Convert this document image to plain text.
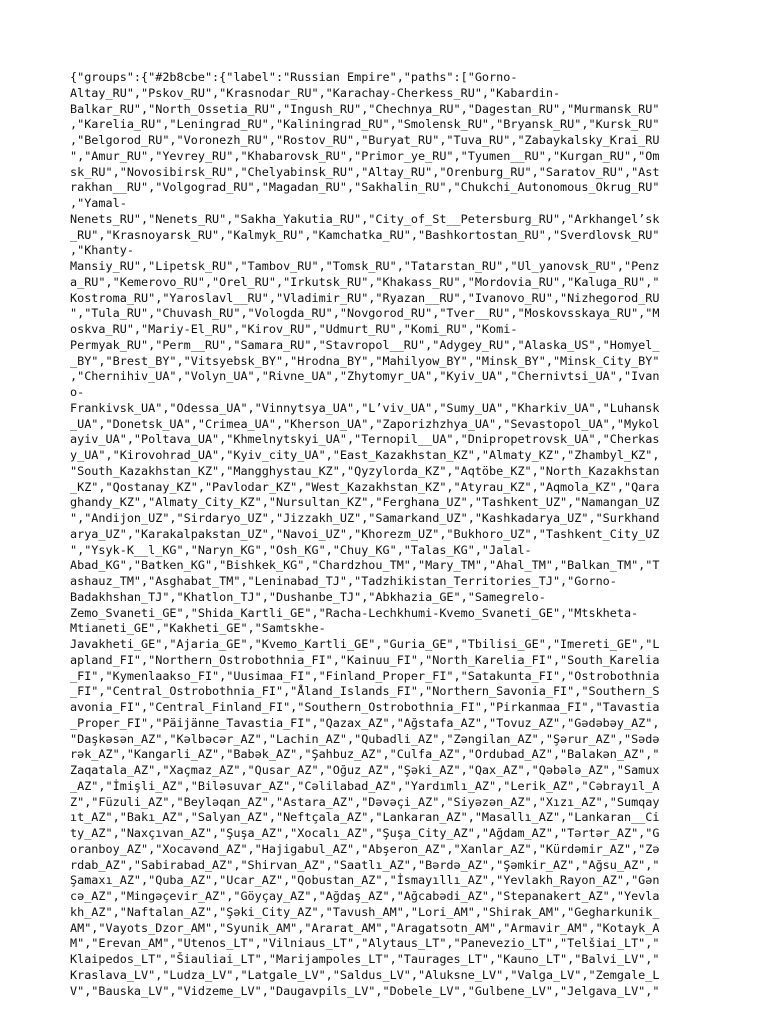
{"groups":{"#2b8cbe":{"label":"Russian Empire","paths":["Gorno-
Altay_RU","Pskov_RU","Krasnodar_RU","Karachay-Cherkess_RU","Kabardin-
Balkar_RU","North_Ossetia_RU","Ingush_RU","Chechnya_RU","Dagestan_RU","Murmansk_RU"
,"Karelia_RU","Leningrad_RU","Kaliningrad_RU","Smolensk_RU","Bryansk_RU","Kursk_RU"
,"Belgorod_RU","Voronezh_RU","Rostov_RU","Buryat_RU","Tuva_RU","Zabaykalsky_Krai_RU
","Amur_RU","Yevrey_RU","Khabarovsk_RU","Primor_ye_RU","Tyumen__RU","Kurgan_RU","Om
sk_RU","Novosibirsk_RU","Chelyabinsk_RU","Altay_RU","Orenburg_RU","Saratov_RU","Ast
rakhan__RU","Volgograd_RU","Magadan_RU","Sakhalin_RU","Chukchi_Autonomous_Okrug_RU"
,"Yamal-
Nenets_RU","Nenets_RU","Sakha_Yakutia_RU","City_of_St__Petersburg_RU","Arkhangel’sk
_RU","Krasnoyarsk_RU","Kalmyk_RU","Kamchatka_RU","Bashkortostan_RU","Sverdlovsk_RU"
,"Khanty-
Mansiy_RU","Lipetsk_RU","Tambov_RU","Tomsk_RU","Tatarstan_RU","Ul_yanovsk_RU","Penz
a_RU","Kemerovo_RU","Orel_RU","Irkutsk_RU","Khakass_RU","Mordovia_RU","Kaluga_RU","
Kostroma_RU","Yaroslavl__RU","Vladimir_RU","Ryazan__RU","Ivanovo_RU","Nizhegorod_RU
","Tula_RU","Chuvash_RU","Vologda_RU","Novgorod_RU","Tver__RU","Moskovsskaya_RU","M
oskva_RU","Mariy-El_RU","Kirov_RU","Udmurt_RU","Komi_RU","Komi-
Permyak_RU","Perm__RU","Samara_RU","Stavropol__RU","Adygey_RU","Alaska_US","Homyel_
_BY","Brest_BY","Vitsyebsk_BY","Hrodna_BY","Mahilyow_BY","Minsk_BY","Minsk_City_BY"
,"Chernihiv_UA","Volyn_UA","Rivne_UA","Zhytomyr_UA","Kyiv_UA","Chernivtsi_UA","Ivan
o-
Frankivsk_UA","Odessa_UA","Vinnytsya_UA","L’viv_UA","Sumy_UA","Kharkiv_UA","Luhansk
_UA","Donetsk_UA","Crimea_UA","Kherson_UA","Zaporizhzhya_UA","Sevastopol_UA","Mykol
ayiv_UA","Poltava_UA","Khmelnytskyi_UA","Ternopil__UA","Dnipropetrovsk_UA","Cherkas
y_UA","Kirovohrad_UA","Kyiv_city_UA","East_Kazakhstan_KZ","Almaty_KZ","Zhambyl_KZ",
"South_Kazakhstan_KZ","Mangghystau_KZ","Qyzylorda_KZ","Aqtöbe_KZ","North_Kazakhstan
_KZ","Qostanay_KZ","Pavlodar_KZ","West_Kazakhstan_KZ","Atyrau_KZ","Aqmola_KZ","Qara
ghandy_KZ","Almaty_City_KZ","Nursultan_KZ","Ferghana_UZ","Tashkent_UZ","Namangan_UZ
","Andijon_UZ","Sirdaryo_UZ","Jizzakh_UZ","Samarkand_UZ","Kashkadarya_UZ","Surkhand
arya_UZ","Karakalpakstan_UZ","Navoi_UZ","Khorezm_UZ","Bukhoro_UZ","Tashkent_City_UZ
","Ysyk-K__l_KG","Naryn_KG","Osh_KG","Chuy_KG","Talas_KG","Jalal-
Abad_KG","Batken_KG","Bishkek_KG","Chardzhou_TM","Mary_TM","Ahal_TM","Balkan_TM","T
ashauz_TM","Asghabat_TM","Leninabad_TJ","Tadzhikistan_Territories_TJ","Gorno-
Badakhshan_TJ","Khatlon_TJ","Dushanbe_TJ","Abkhazia_GE","Samegrelo-
Zemo_Svaneti_GE","Shida_Kartli_GE","Racha-Lechkhumi-Kvemo_Svaneti_GE","Mtskheta-
Mtianeti_GE","Kakheti_GE","Samtskhe-
Javakheti_GE","Ajaria_GE","Kvemo_Kartli_GE","Guria_GE","Tbilisi_GE","Imereti_GE","L
apland_FI","Northern_Ostrobothnia_FI","Kainuu_FI","North_Karelia_FI","South_Karelia
_FI","Kymenlaakso_FI","Uusimaa_FI","Finland_Proper_FI","Satakunta_FI","Ostrobothnia
_FI","Central_Ostrobothnia_FI","Åland_Islands_FI","Northern_Savonia_FI","Southern_S
avonia_FI","Central_Finland_FI","Southern_Ostrobothnia_FI","Pirkanmaa_FI","Tavastia
_Proper_FI","Päijänne_Tavastia_FI","Qazax_AZ","Ağstafa_AZ","Tovuz_AZ","Gədəbəy_AZ",
"Daşkəsən_AZ","Kəlbəcər_AZ","Lachin_AZ","Qubadli_AZ","Zəngilan_AZ","Şərur_AZ","Sədə
rək_AZ","Kangarli_AZ","Babək_AZ","Şahbuz_AZ","Culfa_AZ","Ordubad_AZ","Balakən_AZ","
Zaqatala_AZ","Xaçmaz_AZ","Qusar_AZ","Oğuz_AZ","Şəki_AZ","Qax_AZ","Qəbələ_AZ","Samux
_AZ","İmişli_AZ","Biləsuvar_AZ","Cəlilabad_AZ","Yardımlı_AZ","Lerik_AZ","Cəbrayıl_A
Z","Füzuli_AZ","Beyləqan_AZ","Astara_AZ","Dəvəçi_AZ","Siyəzən_AZ","Xızı_AZ","Sumqay
ıt_AZ","Bakı_AZ","Salyan_AZ","Neftçala_AZ","Lankaran_AZ","Masallı_AZ","Lankaran__Ci
ty_AZ","Naxçıvan_AZ","Şuşa_AZ","Xocalı_AZ","Şuşa_City_AZ","Ağdam_AZ","Tərtər_AZ","G
oranboy_AZ","Xocavənd_AZ","Hajigabul_AZ","Abşeron_AZ","Xanlar_AZ","Kürdəmir_AZ","Zə
rdab_AZ","Sabirabad_AZ","Shirvan_AZ","Saatlı_AZ","Bərdə_AZ","Şəmkir_AZ","Ağsu_AZ","
Şamaxı_AZ","Quba_AZ","Ucar_AZ","Qobustan_AZ","İsmayıllı_AZ","Yevlakh_Rayon_AZ","Gən
cə_AZ","Mingəçevir_AZ","Göyçay_AZ","Ağdaş_AZ","Ağcabədi_AZ","Stepanakert_AZ","Yevla
kh_AZ","Naftalan_AZ","Şəki_City_AZ","Tavush_AM","Lori_AM","Shirak_AM","Gegharkunik_
AM","Vayots_Dzor_AM","Syunik_AM","Ararat_AM","Aragatsotn_AM","Armavir_AM","Kotayk_A
M","Erevan_AM","Utenos_LT","Vilniaus_LT","Alytaus_LT","Panevezio_LT","Telšiai_LT","
Klaipedos_LT","Šiauliai_LT","Marijampoles_LT","Taurages_LT","Kauno_LT","Balvi_LV","
Kraslava_LV","Ludza_LV","Latgale_LV","Saldus_LV","Aluksne_LV","Valga_LV","Zemgale_L
V","Bauska_LV","Vidzeme_LV","Daugavpils_LV","Dobele_LV","Gulbene_LV","Jelgava_LV","
